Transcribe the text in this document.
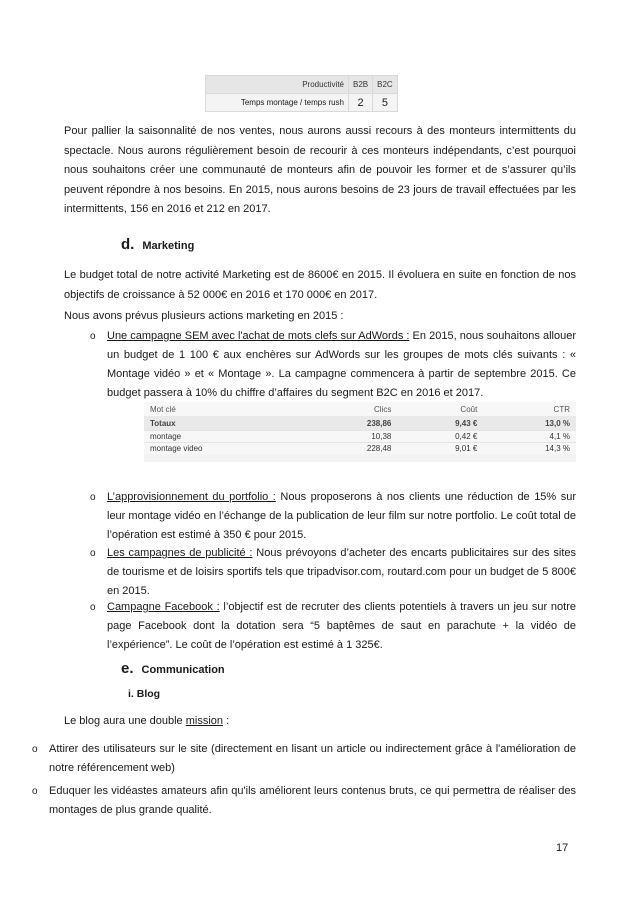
Productivité	B2B	B2C
Temps montage / temps rush	2	5

Pour pallier la saisonnalité de nos ventes, nous aurons aussi recours à des monteurs intermittents du spectacle. Nous aurons régulièrement besoin de recourir à ces monteurs indépendants, c’est pourquoi nous souhaitons créer une communauté de monteurs afin de pouvoir les former et de s’assurer qu’ils peuvent répondre à nos besoins. En 2015, nous aurons besoins de 23 jours de travail effectuées par les intermittents, 156 en 2016 et 212 en 2017.

d. Marketing

Le budget total de notre activité Marketing est de 8600€ en 2015. Il évoluera en suite en fonction de nos objectifs de croissance à 52 000€ en 2016 et 170 000€ en 2017.

Nous avons prévus plusieurs actions marketing en 2015 :

o Une campagne SEM avec l'achat de mots clefs sur AdWords : En 2015, nous souhaitons allouer un budget de 1 100 € aux enchères sur AdWords sur les groupes de mots clés suivants : « Montage vidéo » et « Montage ». La campagne commencera à partir de septembre 2015. Ce budget passera à 10% du chiffre d’affaires du segment B2C en 2016 et 2017.
Mot clé	Clics	Coût	CTR
Totaux	238,86	9,43 €	13,0 %
montage	10,38	0,42 €	4,1 %
montage video	228,48	9,01 €	14,3 %
o L’approvisionnement du portfolio : Nous proposerons à nos clients une réduction de 15% sur leur montage vidéo en l’échange de la publication de leur film sur notre portfolio. Le coût total de l’opération est estimé à 350 € pour 2015.
o Les campagnes de publicité : Nous prévoyons d’acheter des encarts publicitaires sur des sites de tourisme et de loisirs sportifs tels que tripadvisor.com, routard.com pour un budget de 5 800€ en 2015.
o Campagne Facebook : l’objectif est de recruter des clients potentiels à travers un jeu sur notre page Facebook dont la dotation sera “5 baptêmes de saut en parachute + la vidéo de l’expérience”. Le coût de l’opération est estimé à 1 325€.
e. Communication
i. Blog

Le blog aura une double mission :

o Attirer des utilisateurs sur le site (directement en lisant un article ou indirectement grâce à l'amélioration de notre référencement web)
o Eduquer les vidéastes amateurs afin qu'ils améliorent leurs contenus bruts, ce qui permettra de réaliser des montages de plus grande qualité.
17
